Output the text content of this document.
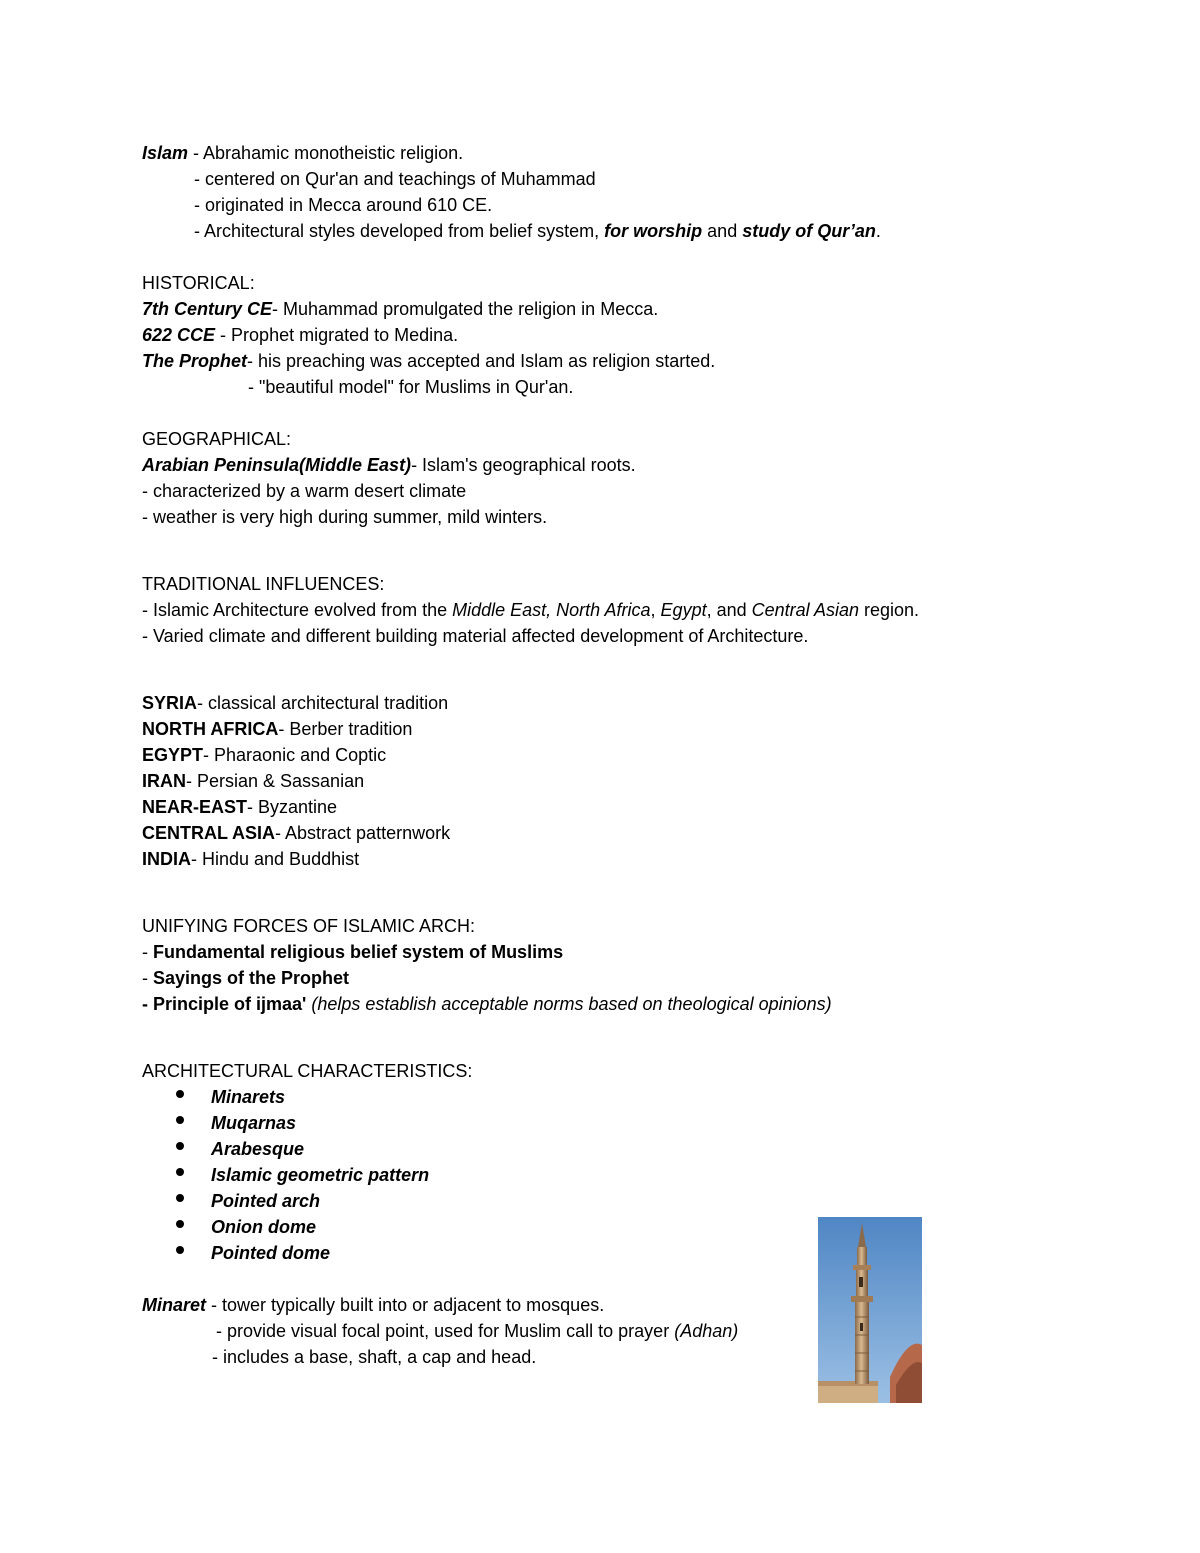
Islam - Abrahamic monotheistic religion.
- centered on Qur'an and teachings of Muhammad
- originated in Mecca around 610 CE.
- Architectural styles developed from belief system, for worship and study of Qur’an.
HISTORICAL:
7th Century CE- Muhammad promulgated the religion in Mecca.
622 CCE - Prophet migrated to Medina.
The Prophet- his preaching was accepted and Islam as religion started.
- "beautiful model" for Muslims in Qur'an.
GEOGRAPHICAL:
Arabian Peninsula(Middle East)- Islam's geographical roots.
- characterized by a warm desert climate
- weather is very high during summer, mild winters.
TRADITIONAL INFLUENCES:
- Islamic Architecture evolved from the Middle East, North Africa, Egypt, and Central Asian region.
- Varied climate and different building material affected development of Architecture.
SYRIA- classical architectural tradition
NORTH AFRICA- Berber tradition
EGYPT- Pharaonic and Coptic
IRAN- Persian & Sassanian
NEAR-EAST- Byzantine
CENTRAL ASIA- Abstract patternwork
INDIA- Hindu and Buddhist
UNIFYING FORCES OF ISLAMIC ARCH:
- Fundamental religious belief system of Muslims
- Sayings of the Prophet
- Principle of ijmaa' (helps establish acceptable norms based on theological opinions)
ARCHITECTURAL CHARACTERISTICS:
Minarets
Muqarnas
Arabesque
Islamic geometric pattern
Pointed arch
Onion dome
Pointed dome
Minaret - tower typically built into or adjacent to mosques.
- provide visual focal point, used for Muslim call to prayer (Adhan)
- includes a base, shaft, a cap and head.
